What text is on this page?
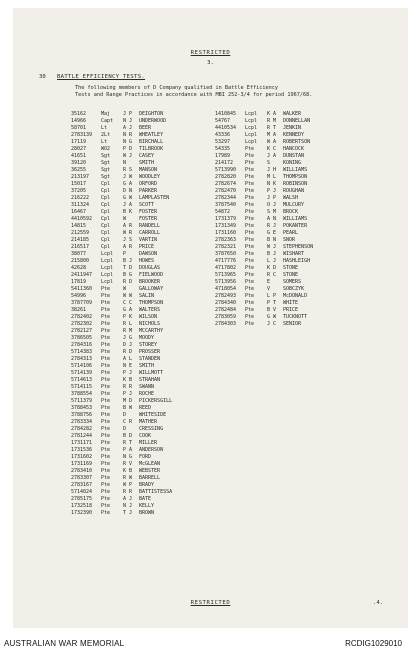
RESTRICTED
3.
30 BATTLE EFFICIENCY TESTS.
The following members of D Company qualified in Battle Efficiency
Tests and Range Practices in accordance with MBI 252-3/4 for period 1967/68.
35162	Maj	J P	DEIGHTON
14966	Capt	N J	UNDERWOOD
58701	Lt	A J	BEER
2783139	2Lt	N R	WHEATLEY
17119	Lt	N G	BIRCHALL
28027	WO2	P D	TILBROOK
41651	Sgt	W J	CASEY
39120	Sgt	N	SMITH
36255	Sgt	R S	MANSON
213197	Sgt	J W	WOODLEY
15017	Cpl	G A	ORFORD
37205	Cpl	D N	PARKER
216222	Cpl	G W	LAMPLASTEN
311324	Cpl	J A	SCOTT
16467	Cpl	B K	FOSTER
4410592	Cpl	W	FOSTER
14815	Cpl	A R	RANDELL
212559	Cpl	W R	CARROLL
214185	Cpl	J S	VARTIN
216517	Cpl	A R	PRICE
38077	Lcpl	P	DAWSON
215800	Lcpl	B J	HOWES
42628	Lcpl	T D	DOUGLAS
2411947	Lcpl	B G	FIELWOOD
17819	Lcpl	R D	BROOKER
5411360	Pte	W	GALLOWAY
54996	Pte	W W	SALIN
3787709	Pte	C C	THOMPSON
38261	Pte	G A	WALTERS
2782402	Pte	P K	WILSON
2782302	Pte	R L	NICHOLS
2782127	Pte	R M	MCCARTHY
3786505	Pte	J G	MOODY
2784316	Pte	D J	STOREY
5714383	Pte	R D	PROSSER
2784313	Pte	A L	STANDEN
5714106	Pte	N E	SMITH
5714139	Pte	P J	WILLMOTT
5714613	Pte	K B	STRAHAN
5714115	Pte	R R	SWANN
3788554	Pte	P J	ROCHE
5711379	Pte	M D	PICKERSGILL
3788453	Pte	B W	REED
3788756	Pte	D	WHITESIDE
2783334	Pte	C R	MATHER
2784282	Pte	D	CRESSING
2781244	Pte	B D	COOK
1731171	Pte	R T	MILLER
1731536	Pte	P A	ANDERSON
1731602	Pte	N G	FORD
1731169	Pte	R V	McGLEAN
2783410	Pte	K B	WEBSTER
2783307	Pte	R W	BARRELL
2783167	Pte	W P	BRADY
5714024	Pte	R R	BATTISTESSA
2785175	Pte	A J	BATE
1732518	Pte	N J	KELLY
1732390	Pte	T J	BROWN
1410845	Lcpl	K A	WALKER
54767	Lcpl	R M	DONNELLAN
4410534	Lcpl	R T	JENKIN
43336	Lcpl	M A	KENNEDY
53297	Lcpl	W A	ROBERTSON
54335	Pte	K C	HANCOCK
17989	Pte	J A	DUNSTAN
214172	Pte	S	KONING
5713990	Pte	J H	WILLIAMS
2782820	Pte	M L	THOMPSON
2782674	Pte	N K	ROBINSON
2782470	Pte	P J	ROUGHAN
2782344	Pte	J P	WALSH
3787540	Pte	O J	MULCURY
54872	Pte	S M	BROCK
1731379	Pte	A N	WILLIAMS
1731349	Pte	R J	POKANTER
1731160	Pte	G E	PEARL
2782363	Pte	B N	SNOR
2782321	Pte	W J	STEPHENSON
3787650	Pte	B J	WISHART
4717776	Pte	L J	HASHLEIGH
4717802	Pte	K D	STONE
5713965	Pte	R C	STONE
5713956	Pte	E	SOMERS
4718054	Pte	V	SOBCZYK
2782493	Pte	L P	McDONALD
2784340	Pte	P T	WHITE
2782484	Pte	B V	PRICE
2783059	Pte	G W	TUCKNOTT
2784303	Pte	J C	SENIOR
RESTRICTED	.4.
AUSTRALIAN WAR MEMORIAL	RCDIG1029010
